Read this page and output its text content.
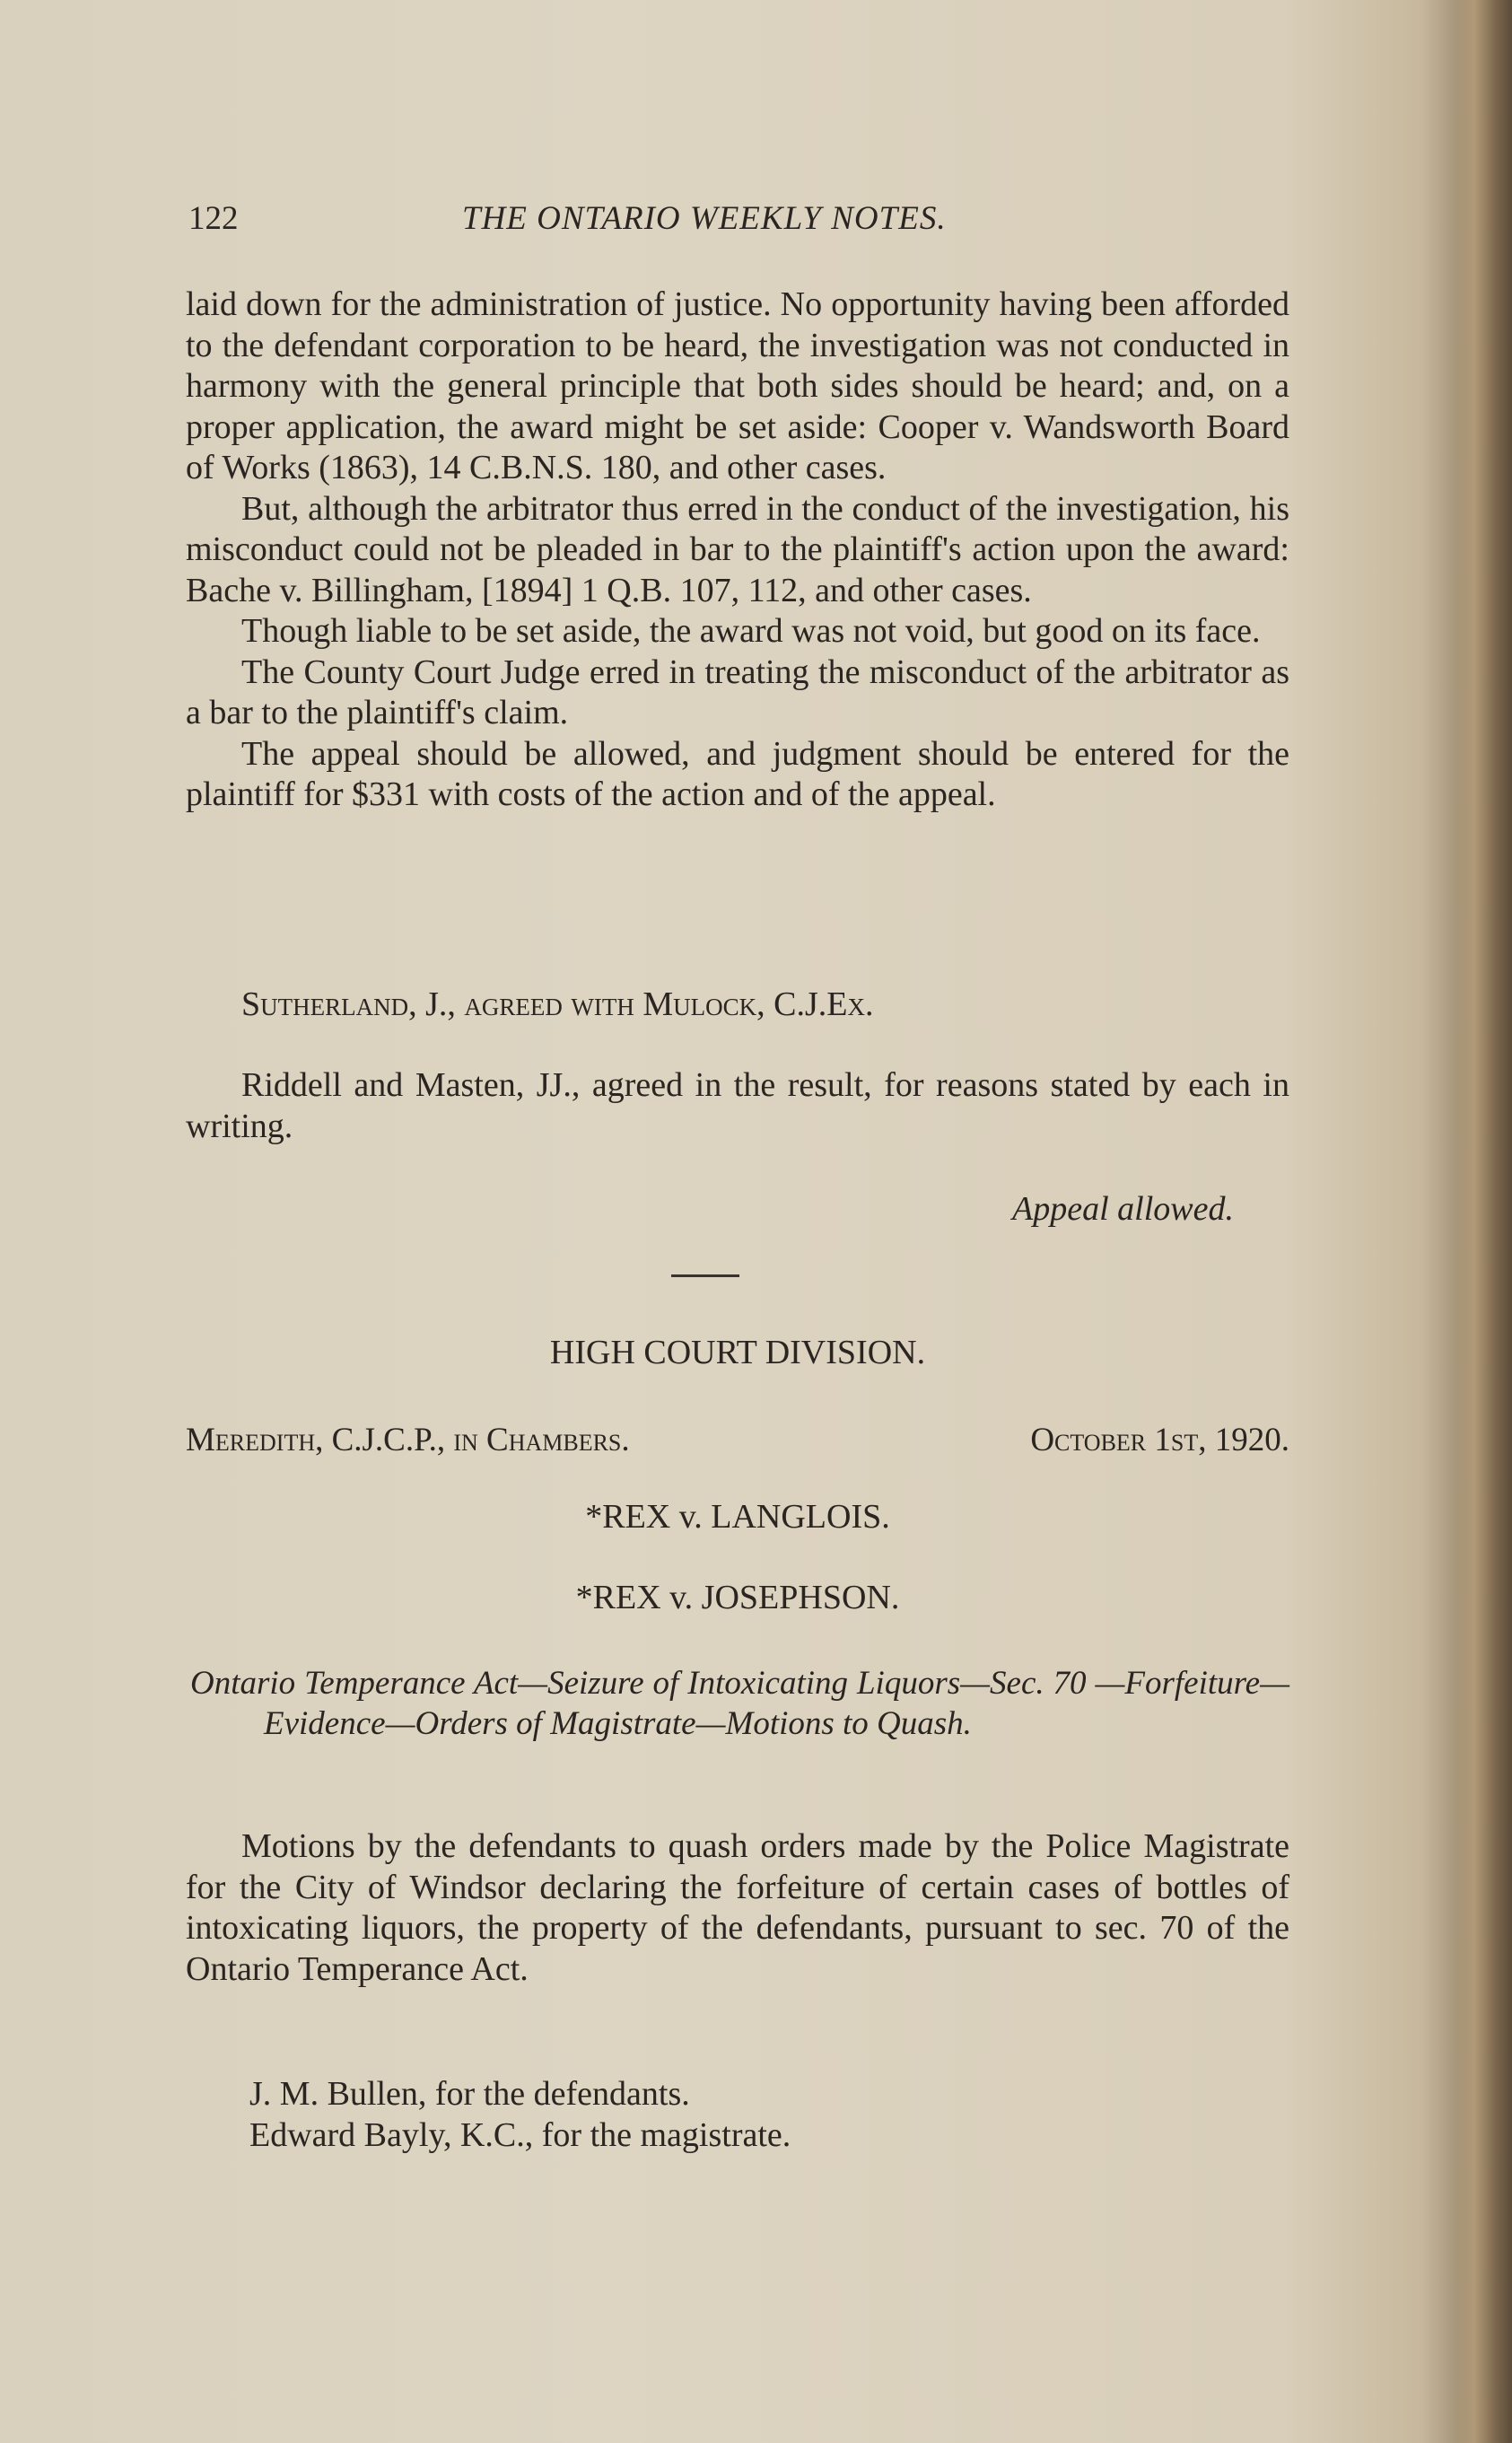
122	THE ONTARIO WEEKLY NOTES.

laid down for the administration of justice. No opportunity having been afforded to the defendant corporation to be heard, the investigation was not conducted in harmony with the general principle that both sides should be heard; and, on a proper application, the award might be set aside: Cooper v. Wandsworth Board of Works (1863), 14 C.B.N.S. 180, and other cases.

But, although the arbitrator thus erred in the conduct of the investigation, his misconduct could not be pleaded in bar to the plaintiff's action upon the award: Bache v. Billingham, [1894] 1 Q.B. 107, 112, and other cases.

Though liable to be set aside, the award was not void, but good on its face.

The County Court Judge erred in treating the misconduct of the arbitrator as a bar to the plaintiff's claim.

The appeal should be allowed, and judgment should be entered for the plaintiff for $331 with costs of the action and of the appeal.

Sutherland, J., agreed with Mulock, C.J.Ex.

Riddell and Masten, JJ., agreed in the result, for reasons stated by each in writing.

Appeal allowed.
HIGH COURT DIVISION.
Meredith, C.J.C.P., in Chambers.	October 1st, 1920.
*REX v. LANGLOIS.
*REX v. JOSEPHSON.
Ontario Temperance Act—Seizure of Intoxicating Liquors—Sec. 70 —Forfeiture—Evidence—Orders of Magistrate—Motions to Quash.

Motions by the defendants to quash orders made by the Police Magistrate for the City of Windsor declaring the forfeiture of certain cases of bottles of intoxicating liquors, the property of the defendants, pursuant to sec. 70 of the Ontario Temperance Act.

J. M. Bullen, for the defendants.
Edward Bayly, K.C., for the magistrate.
